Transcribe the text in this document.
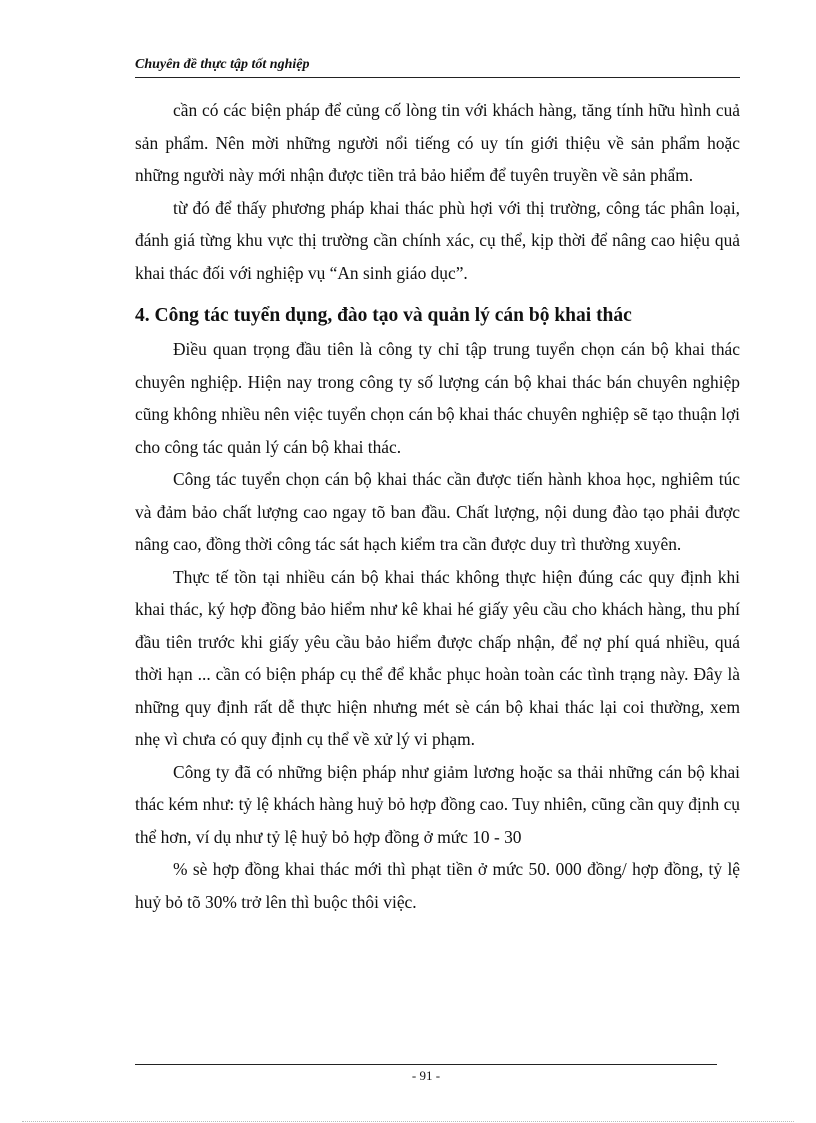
Chuyên đề thực tập tốt nghiệp

cần có các biện pháp để củng cố lòng tin với khách hàng, tăng tính hữu hình cuả sản phẩm. Nên mời những người nổi tiếng có uy tín giới thiệu về sản phẩm hoặc những người này mới nhận được tiền trả bảo hiểm để tuyên truyền về sản phẩm.

từ đó để thấy phương pháp khai thác phù hợi với thị trường, công tác phân loại, đánh giá từng khu vực thị trường cần chính xác, cụ thể, kịp thời để nâng cao hiệu quả khai thác đối với nghiệp vụ “An sinh giáo dục”.

4. Công tác tuyển dụng, đào tạo và quản lý cán bộ khai thác

Điều quan trọng đầu tiên là công ty chỉ tập trung tuyển chọn cán bộ khai thác chuyên nghiệp. Hiện nay trong công ty số lượng cán bộ khai thác bán chuyên nghiệp cũng không nhiều nên việc tuyển chọn cán bộ khai thác chuyên nghiệp sẽ tạo thuận lợi cho công tác quản lý cán bộ khai thác.

Công tác tuyển chọn cán bộ khai thác cần được tiến hành khoa học, nghiêm túc và đảm bảo chất lượng cao ngay tõ ban đầu. Chất lượng, nội dung đào tạo phải được nâng cao, đồng thời công tác sát hạch kiểm tra cần được duy trì thường xuyên.

Thực tế tồn tại nhiều cán bộ khai thác không thực hiện đúng các quy định khi khai thác, ký hợp đồng bảo hiểm như kê khai hé giấy yêu cầu cho khách hàng, thu phí đầu tiên trước khi giấy yêu cầu bảo hiểm được chấp nhận, để nợ phí quá nhiều, quá thời hạn ... cần có biện pháp cụ thể để khắc phục hoàn toàn các tình trạng này. Đây là những quy định rất dễ thực hiện nhưng mét sè cán bộ khai thác lại coi thường, xem nhẹ vì chưa có quy định cụ thể về xử lý vi phạm.

Công ty đã có những biện pháp như giảm lương hoặc sa thải những cán bộ khai thác kém như: tỷ lệ khách hàng huỷ bỏ hợp đồng cao. Tuy nhiên, cũng cần quy định cụ thể hơn, ví dụ như tỷ lệ huỷ bỏ hợp đồng ở mức 10 - 30

% sè hợp đồng khai thác mới thì phạt tiền ở mức 50. 000 đồng/ hợp đồng, tỷ lệ huỷ bỏ tõ 30% trở lên thì buộc thôi việc.

- 91 -
